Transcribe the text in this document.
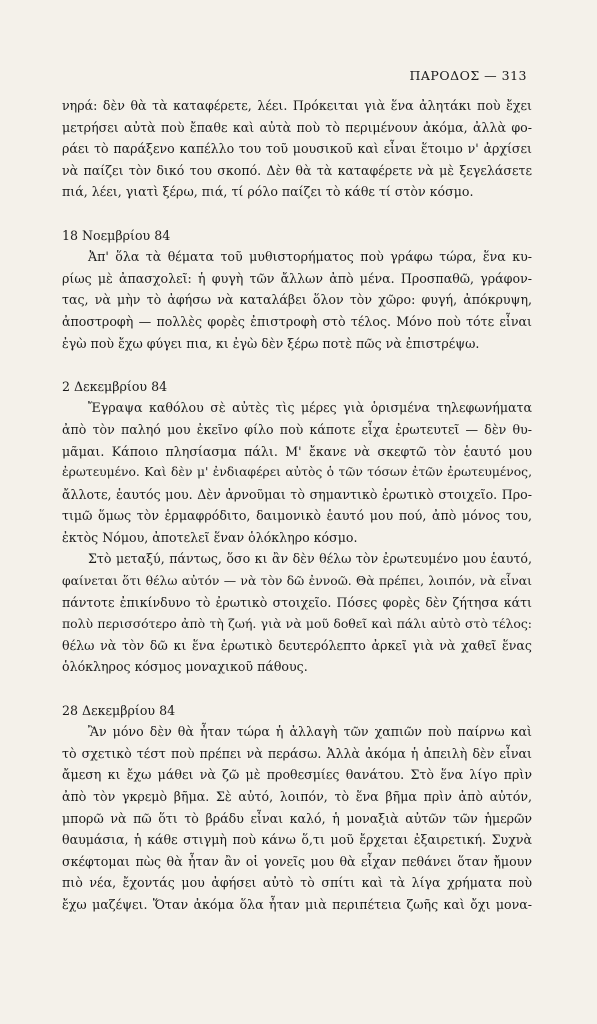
ΠΑΡΟΔΟΣ — 313
νηρά: δὲν θὰ τὰ καταφέρετε, λέει. Πρόκειται γιὰ ἕνα ἀλητάκι ποὺ ἔχει
μετρήσει αὐτὰ ποὺ ἔπαθε καὶ αὐτὰ ποὺ τὸ περιμένουν ἀκόμα, ἀλλὰ φο-
ράει τὸ παράξενο καπέλλο του τοῦ μουσικοῦ καὶ εἶναι ἕτοιμο ν' ἀρχίσει
νὰ παίζει τὸν δικό του σκοπό. Δὲν θὰ τὰ καταφέρετε νὰ μὲ ξεγελάσετε
πιά, λέει, γιατὶ ξέρω, πιά, τί ρόλο παίζει τὸ κάθε τί στὸν κόσμο.
18 Νοεμβρίου 84
Ἀπ' ὅλα τὰ θέματα τοῦ μυθιστορήματος ποὺ γράφω τώρα, ἕνα κυ-
ρίως μὲ ἀπασχολεῖ: ἡ φυγὴ τῶν ἄλλων ἀπὸ μένα. Προσπαθῶ, γράφον-
τας, νὰ μὴν τὸ ἀφήσω νὰ καταλάβει ὅλον τὸν χῶρο: φυγή, ἀπόκρυψη,
ἀποστροφὴ — πολλὲς φορὲς ἐπιστροφὴ στὸ τέλος. Μόνο ποὺ τότε εἶναι
ἐγὼ ποὺ ἔχω φύγει πια, κι ἐγὼ δὲν ξέρω ποτὲ πῶς νὰ ἐπιστρέψω.
2 Δεκεμβρίου 84
Ἔγραψα καθόλου σὲ αὐτὲς τὶς μέρες γιὰ ὁρισμένα τηλεφωνήματα
ἀπὸ τὸν παληό μου ἐκεῖνο φίλο ποὺ κάποτε εἶχα ἐρωτευτεῖ — δὲν θυ-
μᾶμαι. Κάποιο πλησίασμα πάλι. Μ' ἔκανε νὰ σκεφτῶ τὸν ἑαυτό μου
ἐρωτευμένο. Καὶ δὲν μ' ἐνδιαφέρει αὐτὸς ὁ τῶν τόσων ἐτῶν ἐρωτευμένος,
ἄλλοτε, ἑαυτός μου. Δὲν ἀρνοῦμαι τὸ σημαντικὸ ἐρωτικὸ στοιχεῖο. Προ-
τιμῶ ὅμως τὸν ἑρμαφρόδιτο, δαιμονικὸ ἑαυτό μου πού, ἀπὸ μόνος του,
ἐκτὸς Νόμου, ἀποτελεῖ ἕναν ὁλόκληρο κόσμο.
Στὸ μεταξύ, πάντως, ὅσο κι ἂν δὲν θέλω τὸν ἐρωτευμένο μου ἑαυτό,
φαίνεται ὅτι θέλω αὐτόν — νὰ τὸν δῶ ἐννοῶ. Θὰ πρέπει, λοιπόν, νὰ εἶναι
πάντοτε ἐπικίνδυνο τὸ ἐρωτικὸ στοιχεῖο. Πόσες φορὲς δὲν ζήτησα κάτι
πολὺ περισσότερο ἀπὸ τὴ ζωή. γιὰ νὰ μοῦ δοθεῖ καὶ πάλι αὐτὸ στὸ τέλος:
θέλω νὰ τὸν δῶ κι ἕνα ἐρωτικὸ δευτερόλεπτο ἀρκεῖ γιὰ νὰ χαθεῖ ἕνας
ὁλόκληρος κόσμος μοναχικοῦ πάθους.
28 Δεκεμβρίου 84
Ἂν μόνο δὲν θὰ ἦταν τώρα ἡ ἀλλαγὴ τῶν χαπιῶν ποὺ παίρνω καὶ
τὸ σχετικὸ τέστ ποὺ πρέπει νὰ περάσω. Ἀλλὰ ἀκόμα ἡ ἀπειλὴ δὲν εἶναι
ἄμεση κι ἔχω μάθει νὰ ζῶ μὲ προθεσμίες θανάτου. Στὸ ἕνα λίγο πρὶν
ἀπὸ τὸν γκρεμὸ βῆμα. Σὲ αὐτό, λοιπόν, τὸ ἕνα βῆμα πρὶν ἀπὸ αὐτόν,
μπορῶ νὰ πῶ ὅτι τὸ βράδυ εἶναι καλό, ἡ μοναξιὰ αὐτῶν τῶν ἡμερῶν
θαυμάσια, ἡ κάθε στιγμὴ ποὺ κάνω ὅ,τι μοῦ ἔρχεται ἐξαιρετική. Συχνὰ
σκέφτομαι πὼς θὰ ἦταν ἂν οἱ γονεῖς μου θὰ εἶχαν πεθάνει ὅταν ἤμουν
πιὸ νέα, ἔχοντάς μου ἀφήσει αὐτὸ τὸ σπίτι καὶ τὰ λίγα χρήματα ποὺ
ἔχω μαζέψει. Ὅταν ἀκόμα ὅλα ἦταν μιὰ περιπέτεια ζωῆς καὶ ὄχι μονα-
